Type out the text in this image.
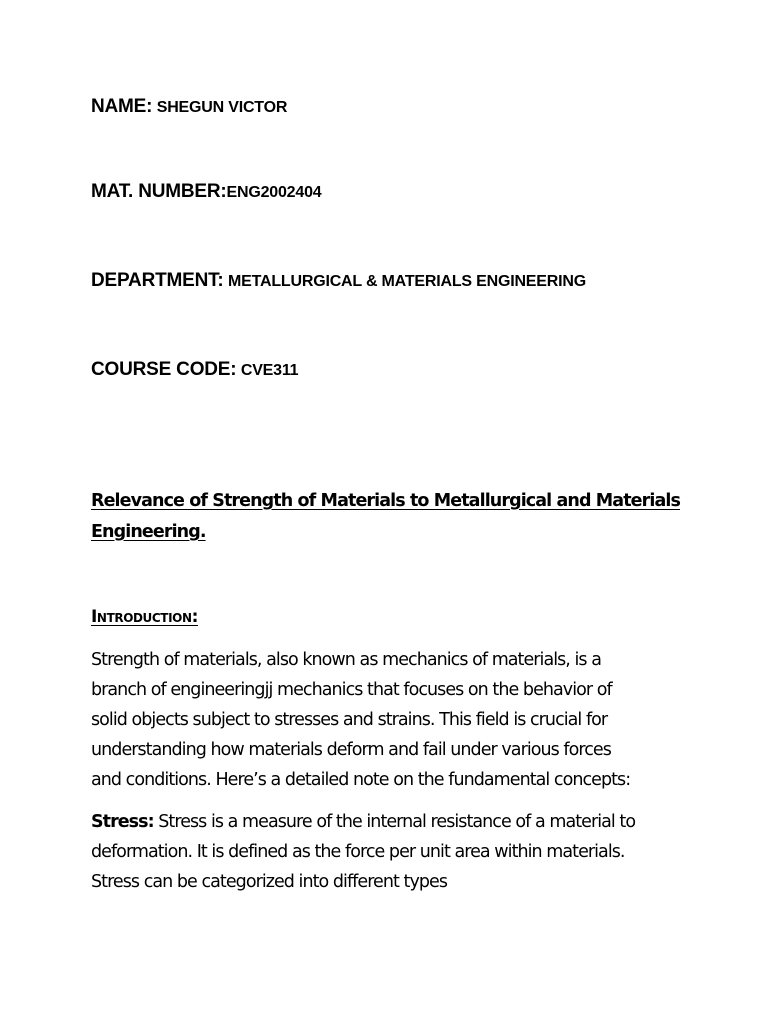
NAME: SHEGUN VICTOR
MAT. NUMBER:ENG2002404
DEPARTMENT: METALLURGICAL & MATERIALS ENGINEERING
COURSE CODE: CVE311
Relevance of Strength of Materials to Metallurgical and Materials
Engineering.
Introduction:

Strength of materials, also known as mechanics of materials, is a
branch of engineeringjj mechanics that focuses on the behavior of
solid objects subject to stresses and strains. This field is crucial for
understanding how materials deform and fail under various forces
and conditions. Here’s a detailed note on the fundamental concepts:

Stress: Stress is a measure of the internal resistance of a material to
deformation. It is defined as the force per unit area within materials.
Stress can be categorized into different types
